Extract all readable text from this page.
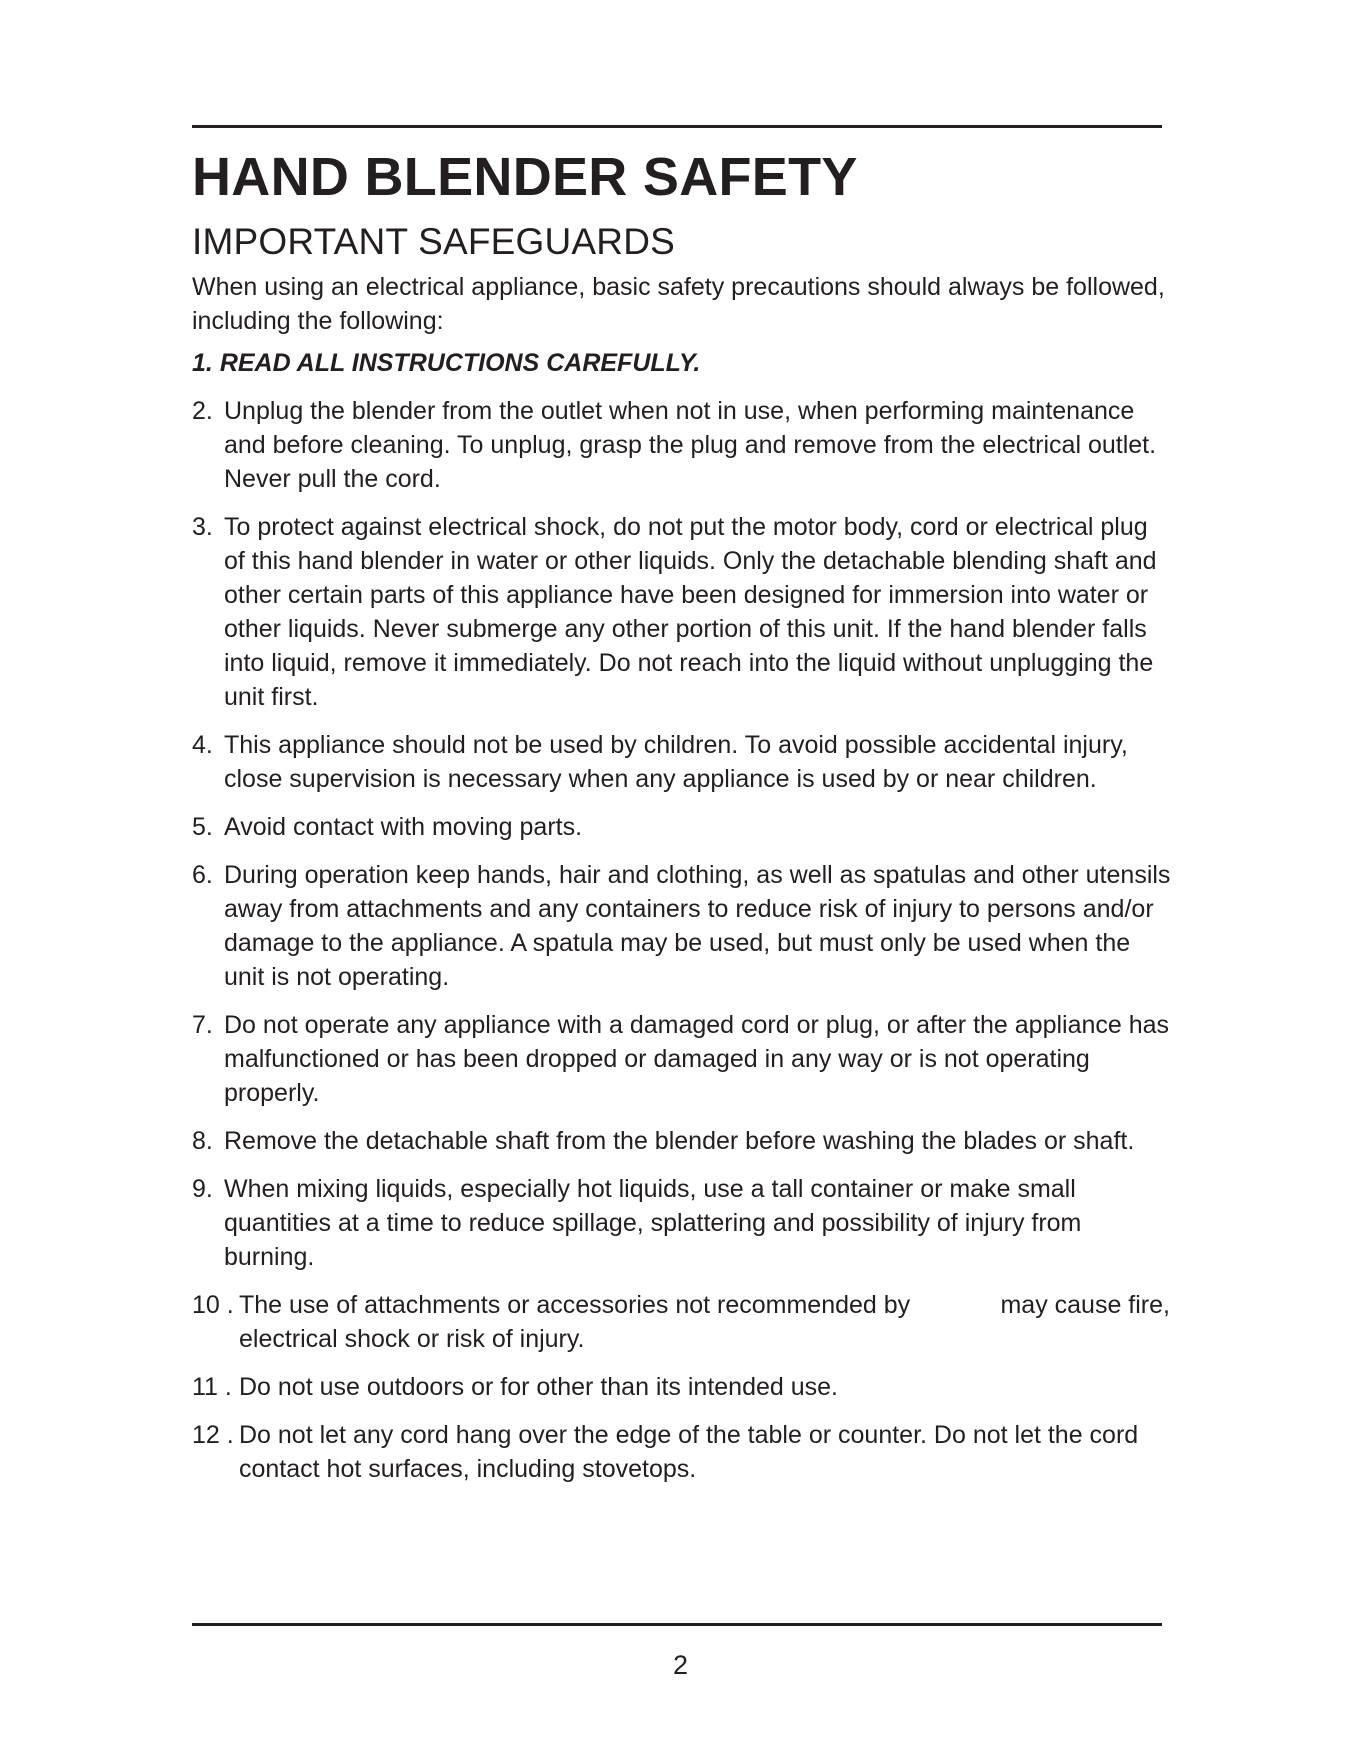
HAND BLENDER SAFETY
IMPORTANT SAFEGUARDS

When using an electrical appliance, basic safety precautions should always be followed, including the following:

1. READ ALL INSTRUCTIONS CAREFULLY.
2. Unplug the blender from the outlet when not in use, when performing maintenance and before cleaning. To unplug, grasp the plug and remove from the electrical outlet. Never pull the cord.
3. To protect against electrical shock, do not put the motor body, cord or electrical plug of this hand blender in water or other liquids. Only the detachable blending shaft and other certain parts of this appliance have been designed for immersion into water or other liquids. Never submerge any other portion of this unit. If the hand blender falls into liquid, remove it immediately. Do not reach into the liquid without unplugging the unit first.
4. This appliance should not be used by children. To avoid possible accidental injury, close supervision is necessary when any appliance is used by or near children.
5. Avoid contact with moving parts.
6. During operation keep hands, hair and clothing, as well as spatulas and other utensils away from attachments and any containers to reduce risk of injury to persons and/or damage to the appliance. A spatula may be used, but must only be used when the unit is not operating.
7. Do not operate any appliance with a damaged cord or plug, or after the appliance has malfunctioned or has been dropped or damaged in any way or is not operating properly.
8. Remove the detachable shaft from the blender before washing the blades or shaft.
9. When mixing liquids, especially hot liquids, use a tall container or make small quantities at a time to reduce spillage, splattering and possibility of injury from burning.
10 . The use of attachments or accessories not recommended by             may cause fire, electrical shock or risk of injury.
11 . Do not use outdoors or for other than its intended use.
12 . Do not let any cord hang over the edge of the table or counter. Do not let the cord contact hot surfaces, including stovetops.
2
